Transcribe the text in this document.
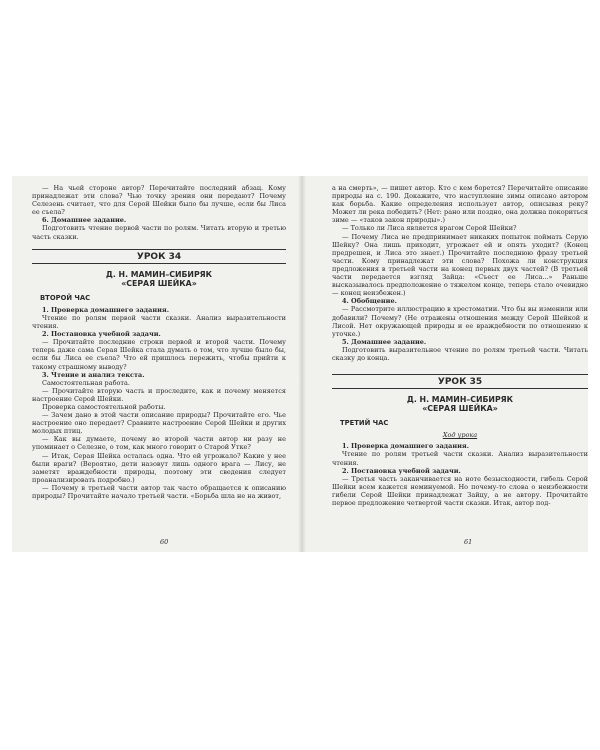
— На чьей стороне автор? Перечитайте последний абзац. Кому принадлежат эти слова? Чью точку зрения они передают? Почему Селезень считает, что для Серой Шейки было бы лучше, если бы Лиса ее съела?

6. Домашнее задание.

Подготовить чтение первой части по ролям. Читать вторую и третью часть сказки.

УРОК 34
Д. Н. МАМИН–СИБИРЯК
«СЕРАЯ ШЕЙКА»
ВТОРОЙ ЧАС

1. Проверка домашнего задания.

Чтение по ролям первой части сказки. Анализ выразительности чтения.

2. Постановка учебной задачи.

— Прочитайте последние строки первой и второй части. Почему теперь даже сама Серая Шейка стала думать о том, что лучше было бы, если бы Лиса ее съела? Что ей пришлось пережить, чтобы прийти к такому страшному выводу?

3. Чтение и анализ текста.

Самостоятельная работа.

— Прочитайте вторую часть и проследите, как и почему меняется настроение Серой Шейки.

Проверка самостоятельной работы.

— Зачем дано в этой части описание природы? Прочитайте его. Чье настроение оно передает? Сравните настроение Серой Шейки и других молодых птиц.

— Как вы думаете, почему во второй части автор ни разу не упоминает о Селезне, о том, как много говорит о Старой Утке?

— Итак, Серая Шейка осталась одна. Что ей угрожало? Какие у нее были враги? (Вероятно, дети назовут лишь одного врага — Лису, не заметят враждебности природы, поэтому эти сведения следует проанализировать подробно.)

— Почему в третьей части автор так часто обращается к описанию природы? Прочитайте начало третьей части. «Борьба шла не на живот,

60

а на смерть», — пишет автор. Кто с кем борется? Перечитайте описание природы на с. 190. Докажите, что наступление зимы описано автором как борьба. Какие определения использует автор, описывая реку? Может ли река победить? (Нет: рано или поздно, она должна покориться зиме — «таков закон природы».)

— Только ли Лиса является врагом Серой Шейки?

— Почему Лиса не предпринимает никаких попыток поймать Серую Шейку? Она лишь приходит, угрожает ей и опять уходит? (Конец предрешен, и Лиса это знает.) Прочитайте последнюю фразу третьей части. Кому принадлежат эти слова? Похожа ли конструкция предложения в третьей части на конец первых двух частей? (В третьей части передается взгляд Зайца: «Съест ее Лиса...» Раньше высказывалось предположение о тяжелом конце, теперь стало очевидно — конец неизбежен.)

4. Обобщение.

— Рассмотрите иллюстрацию в хрестоматии. Что бы вы изменили или добавили? Почему? (Не отражены отношения между Серой Шейкой и Лисой. Нет окружающей природы и ее враждебности по отношению к уточке.)

5. Домашнее задание.

Подготовить выразительное чтение по ролям третьей части. Читать сказку до конца.

УРОК 35
Д. Н. МАМИН–СИБИРЯК
«СЕРАЯ ШЕЙКА»
ТРЕТИЙ ЧАС
Ход урока

1. Проверка домашнего задания.

Чтение по ролям третьей части сказки. Анализ выразительности чтения.

2. Постановка учебной задачи.

— Третья часть заканчивается на ноте безысходности, гибель Серой Шейки всем кажется неминуемой. Но почему-то слова о неизбежности гибели Серой Шейки принадлежат Зайцу, а не автору. Прочитайте первое предложение четвертой части сказки. Итак, автор под-

61
